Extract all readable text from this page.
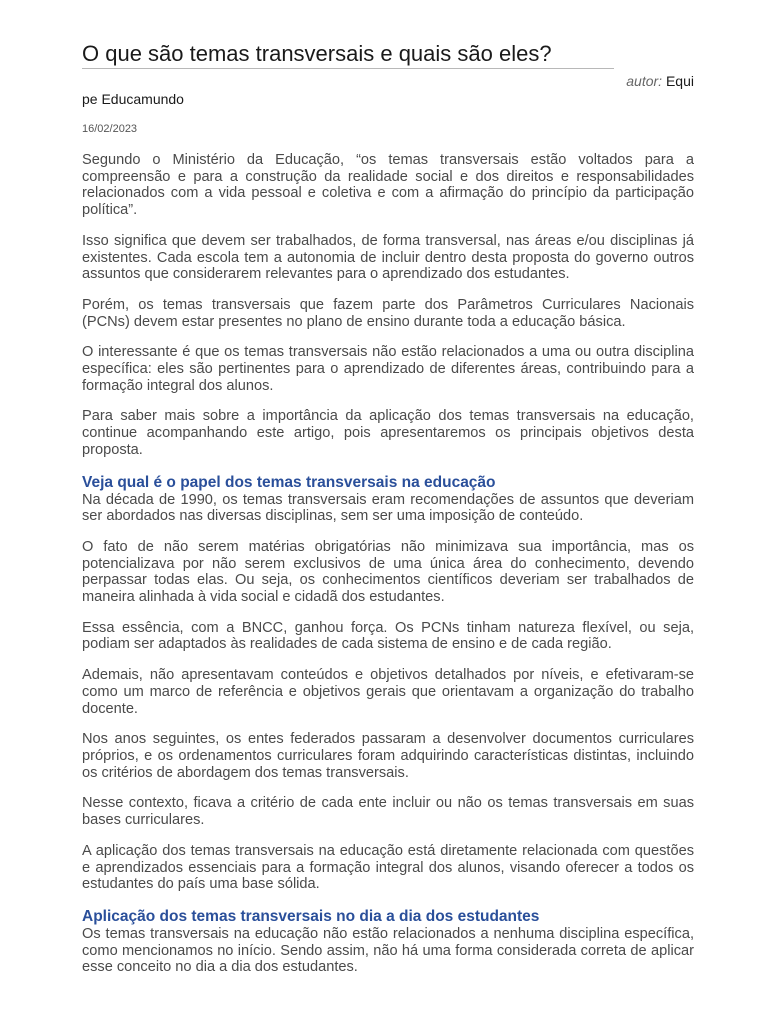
O que são temas transversais e quais são eles?
autor: Equi
pe Educamundo
16/02/2023

Segundo o Ministério da Educação, “os temas transversais estão voltados para a compreensão e para a construção da realidade social e dos direitos e responsabilidades relacionados com a vida pessoal e coletiva e com a afirmação do princípio da participação política”.

Isso significa que devem ser trabalhados, de forma transversal, nas áreas e/ou disciplinas já existentes. Cada escola tem a autonomia de incluir dentro desta proposta do governo outros assuntos que considerarem relevantes para o aprendizado dos estudantes.

Porém, os temas transversais que fazem parte dos Parâmetros Curriculares Nacionais (PCNs) devem estar presentes no plano de ensino durante toda a educação básica.

O interessante é que os temas transversais não estão relacionados a uma ou outra disciplina específica: eles são pertinentes para o aprendizado de diferentes áreas, contribuindo para a formação integral dos alunos.

Para saber mais sobre a importância da aplicação dos temas transversais na educação, continue acompanhando este artigo, pois apresentaremos os principais objetivos desta proposta.

Veja qual é o papel dos temas transversais na educação

Na década de 1990, os temas transversais eram recomendações de assuntos que deveriam ser abordados nas diversas disciplinas, sem ser uma imposição de conteúdo.

O fato de não serem matérias obrigatórias não minimizava sua importância, mas os potencializava por não serem exclusivos de uma única área do conhecimento, devendo perpassar todas elas. Ou seja, os conhecimentos científicos deveriam ser trabalhados de maneira alinhada à vida social e cidadã dos estudantes.

Essa essência, com a BNCC, ganhou força. Os PCNs tinham natureza flexível, ou seja, podiam ser adaptados às realidades de cada sistema de ensino e de cada região.

Ademais, não apresentavam conteúdos e objetivos detalhados por níveis, e efetivaram-se como um marco de referência e objetivos gerais que orientavam a organização do trabalho docente.

Nos anos seguintes, os entes federados passaram a desenvolver documentos curriculares próprios, e os ordenamentos curriculares foram adquirindo características distintas, incluindo os critérios de abordagem dos temas transversais.

Nesse contexto, ficava a critério de cada ente incluir ou não os temas transversais em suas bases curriculares.

A aplicação dos temas transversais na educação está diretamente relacionada com questões e aprendizados essenciais para a formação integral dos alunos, visando oferecer a todos os estudantes do país uma base sólida.

Aplicação dos temas transversais no dia a dia dos estudantes

Os temas transversais na educação não estão relacionados a nenhuma disciplina específica, como mencionamos no início. Sendo assim, não há uma forma considerada correta de aplicar esse conceito no dia a dia dos estudantes.
